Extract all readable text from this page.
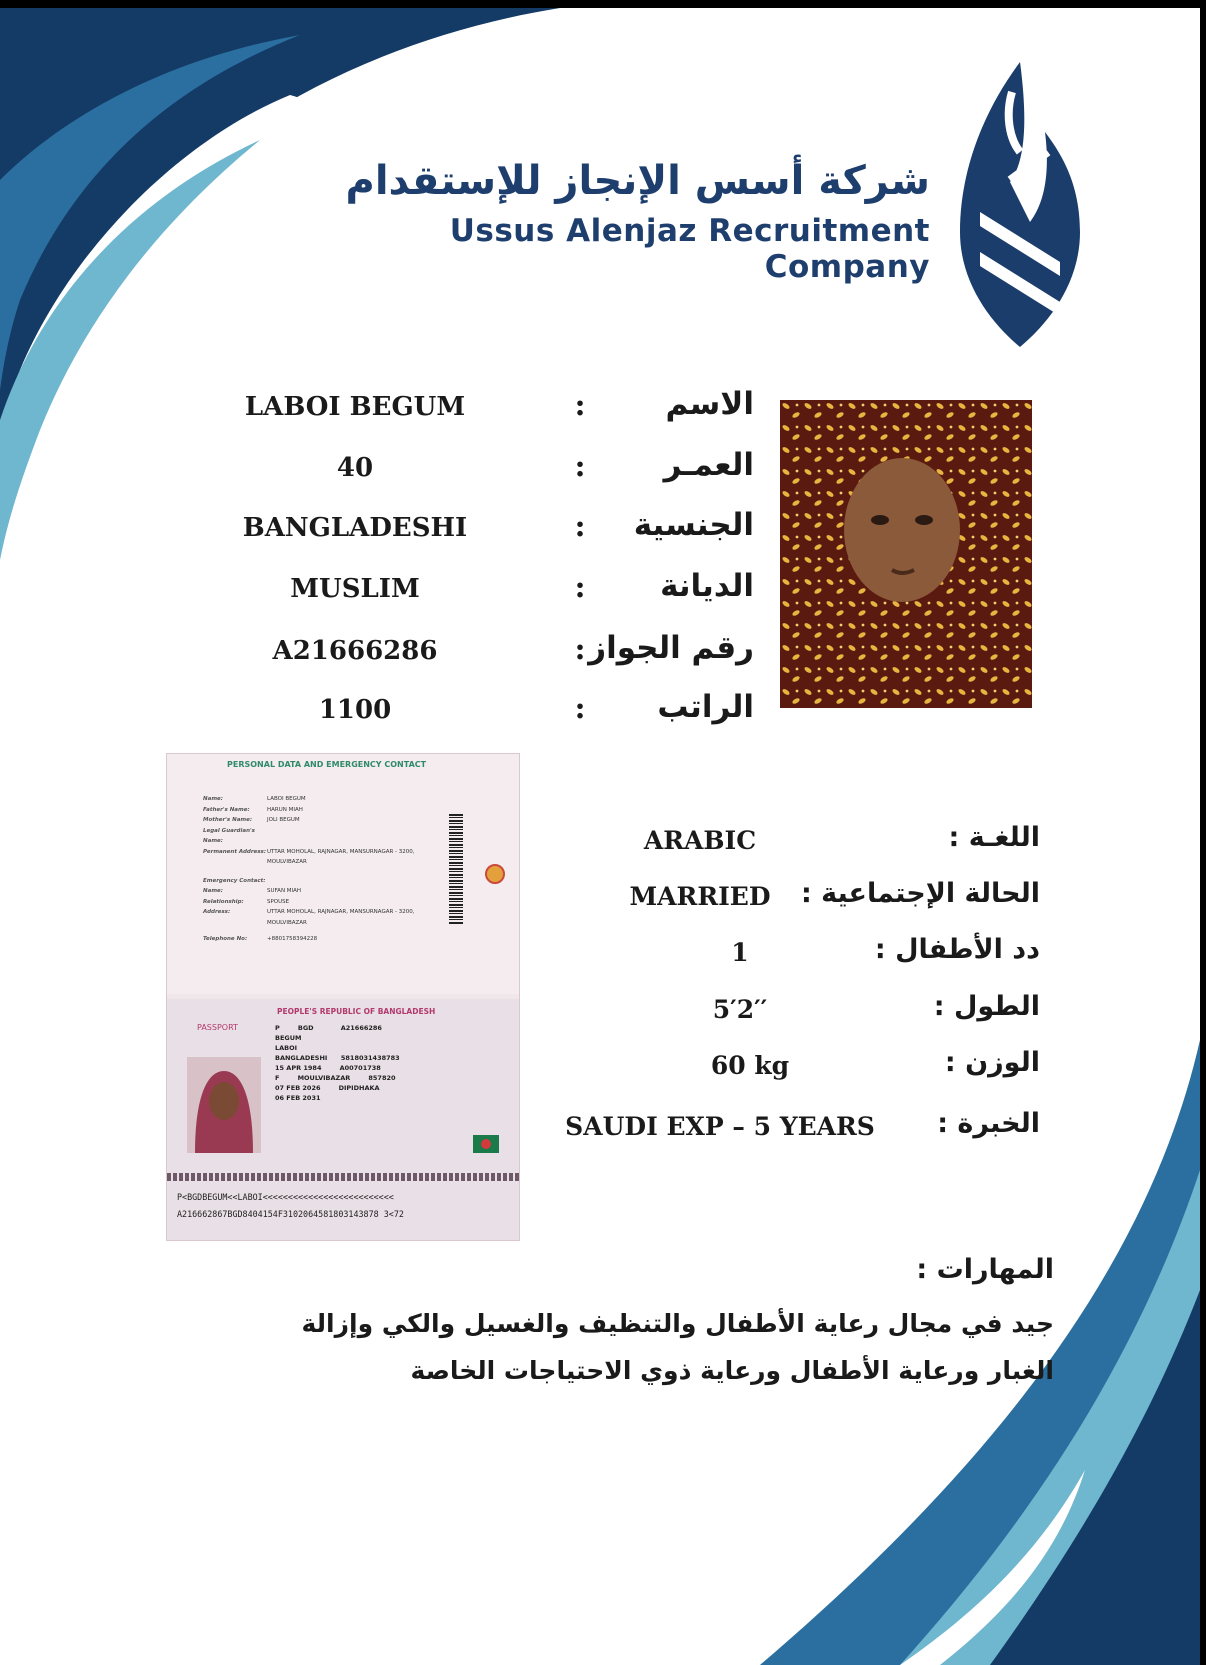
شركة أسس الإنجاز للإستقدام
Ussus Alenjaz Recruitment Company
LABOI BEGUM	:	الاسم
40	:	العمـر
BANGLADESHI	:	الجنسية
MUSLIM	:	الديانة
A21666286	: رقم الجواز
1100	:	الراتب
PERSONAL DATA AND EMERGENCY CONTACT
Name:	LABOI BEGUM
Father's Name:	HARUN MIAH
Mother's Name:	JOLI BEGUM
Legal Guardian's Name:
Permanent Address: UTTAR MOHOLAL, RAJNAGAR, MANSURNAGAR - 3200, MOULVIBAZAR
Emergency Contact:
Name:	SUFAN MIAH
Relationship:	SPOUSE
Address:	UTTAR MOHOLAL, RAJNAGAR, MANSURNAGAR - 3200, MOULVIBAZAR
Telephone No:	+8801758394228
PEOPLE'S REPUBLIC OF BANGLADESH
PASSPORT	P	BGD	A21666286
BEGUM
LABOI
BANGLADESHI 5818031438783
15 APR 1984	A00701738
F	MOULVIBAZAR	857820
07 FEB 2026	DIPIDHAKA
06 FEB 2031
P<BGDBEGUM<<LABOI<<<<<<<<<<<<<<<<<<<<<<<<<<
A216662867BGD8404154F3102064581803143878 3<72
ARABIC	اللغـة :
MARRIED	الحالة الإجتماعية :
1	دد الأطفال :
5′2′′	الطول :
60 kg	الوزن :
SAUDI EXP – 5 YEARS الخبرة :
المهارات :
جيد في مجال رعاية الأطفال والتنظيف والغسيل والكي وإزالة الغبار ورعاية الأطفال ورعاية ذوي الاحتياجات الخاصة
